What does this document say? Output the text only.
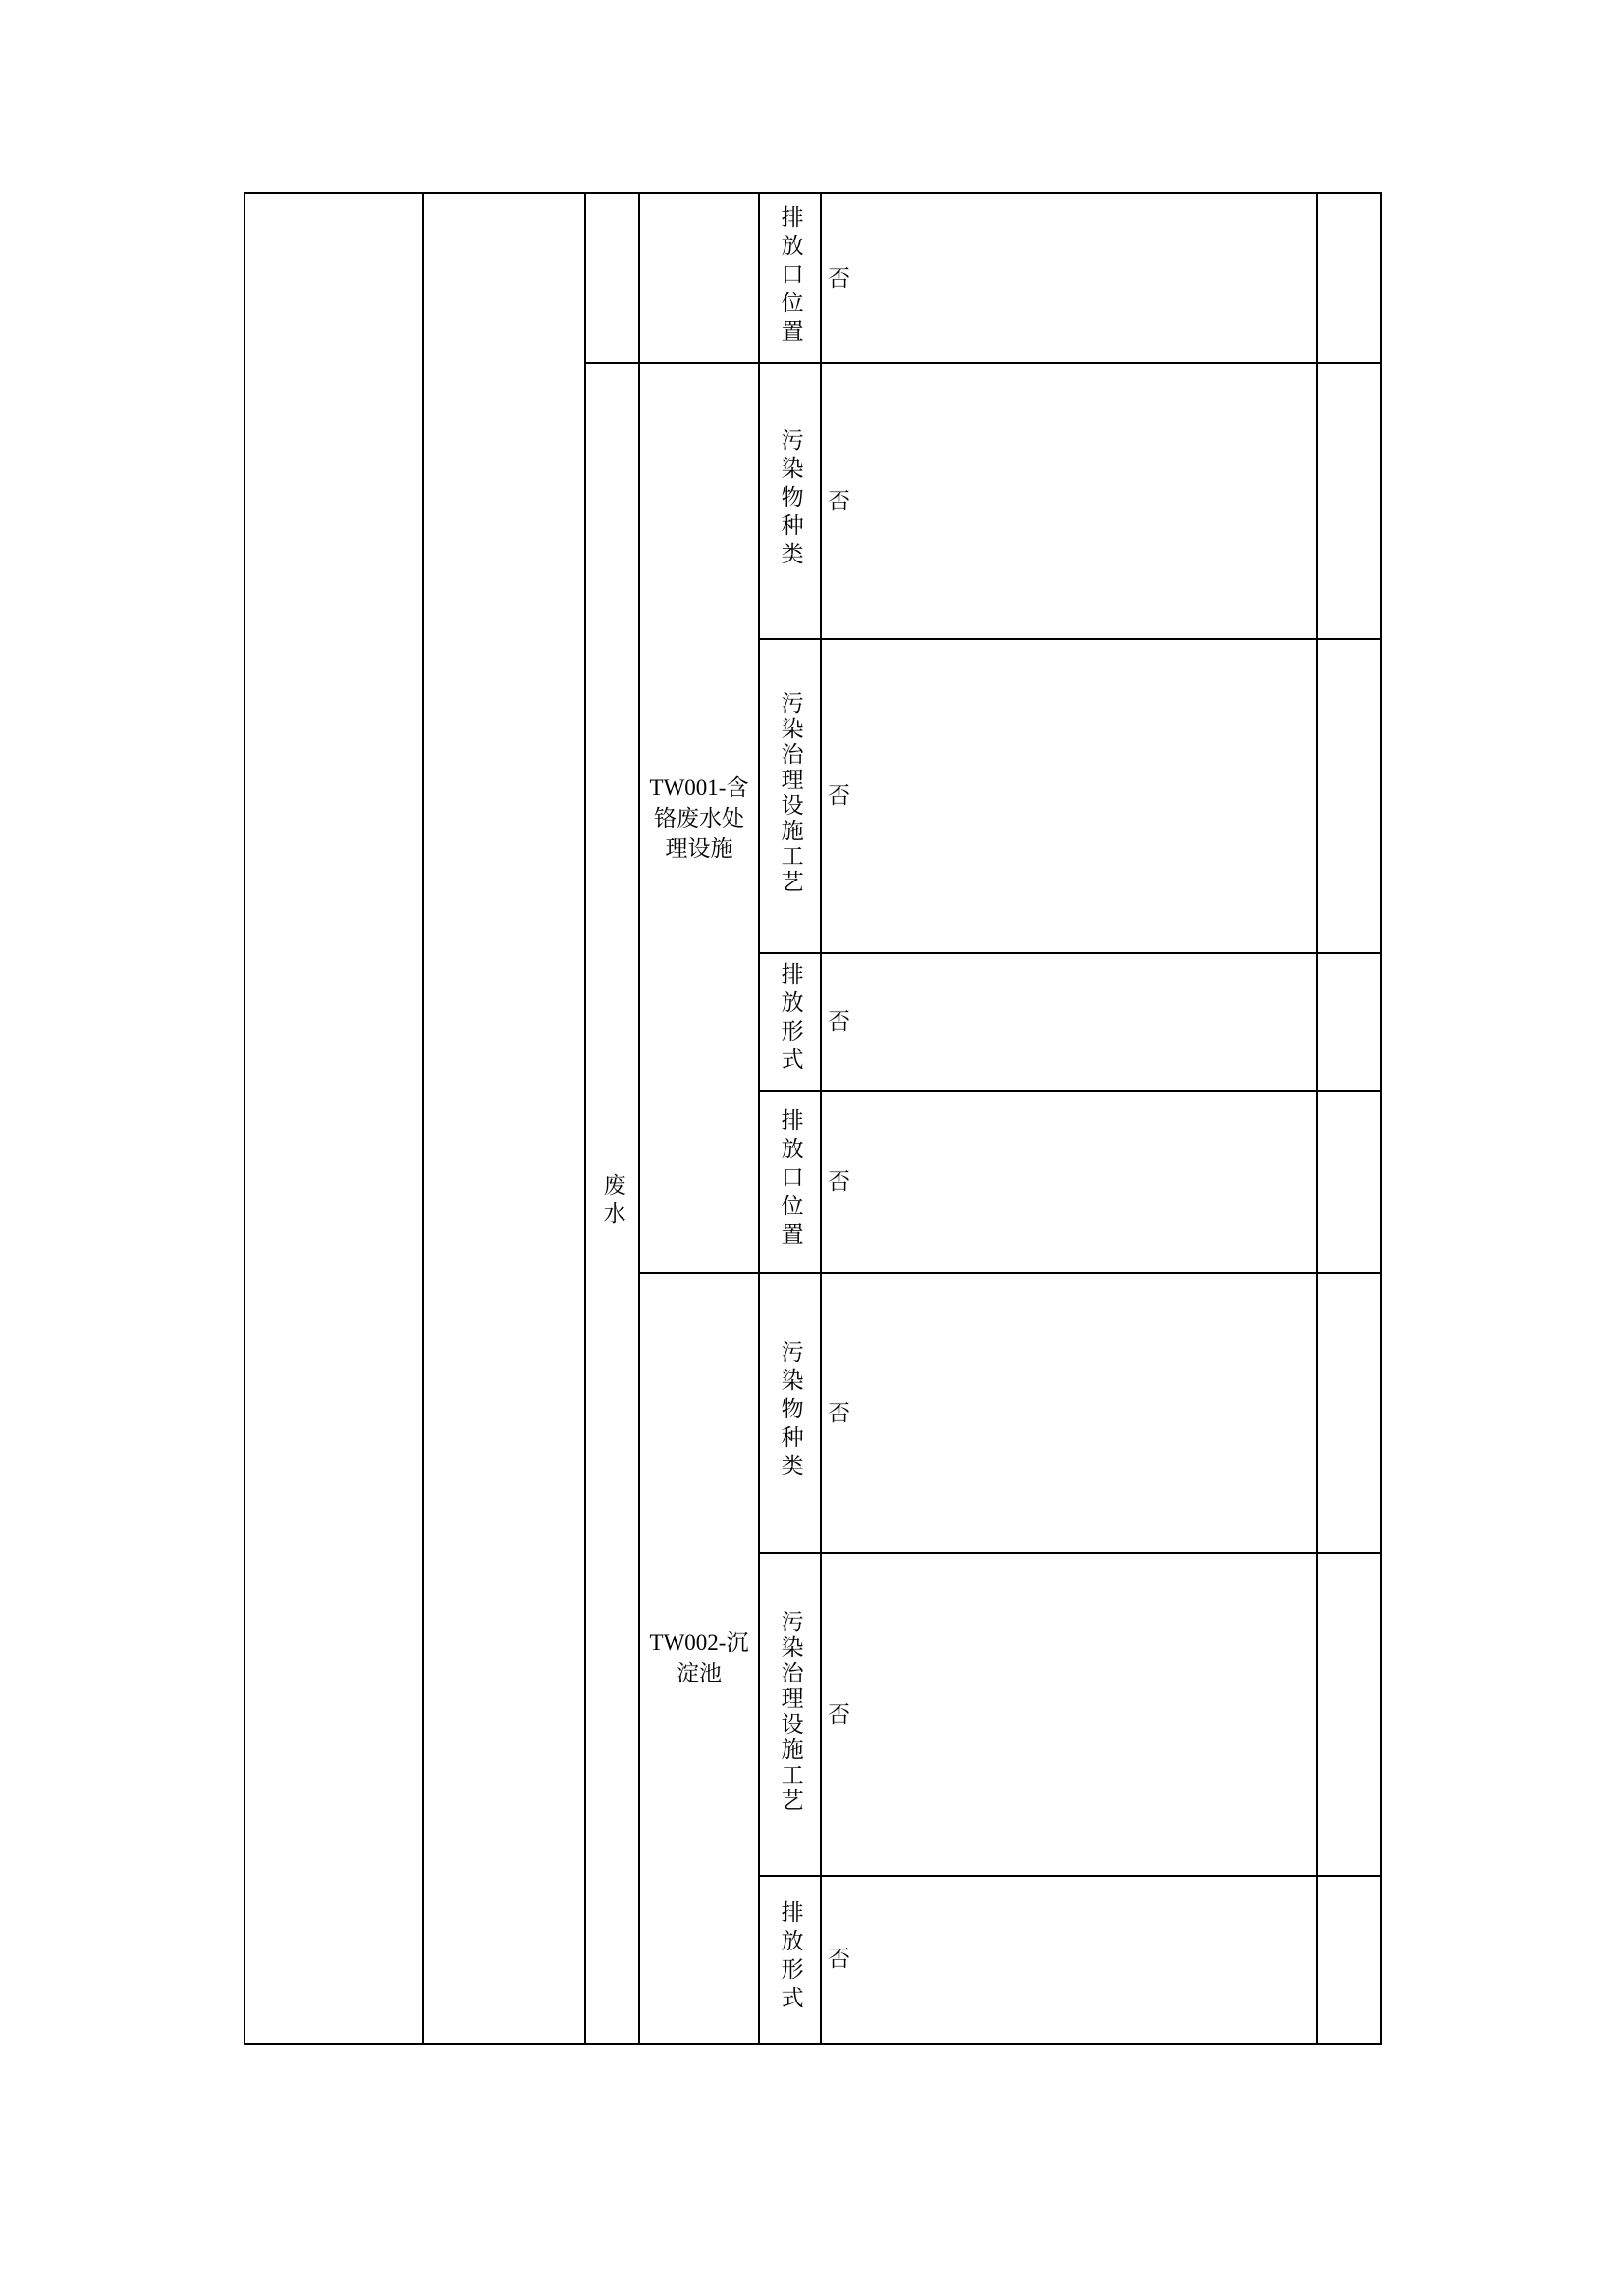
				排放口位置	否	

		废水	TW001-含铬废水处理设施	污染物种类	否	

				污染治理设施工艺	否	

				排放形式	否	

				排放口位置	否	

			TW002-沉淀池	污染物种类	否	

				污染治理设施工艺	否	

				排放形式	否	
